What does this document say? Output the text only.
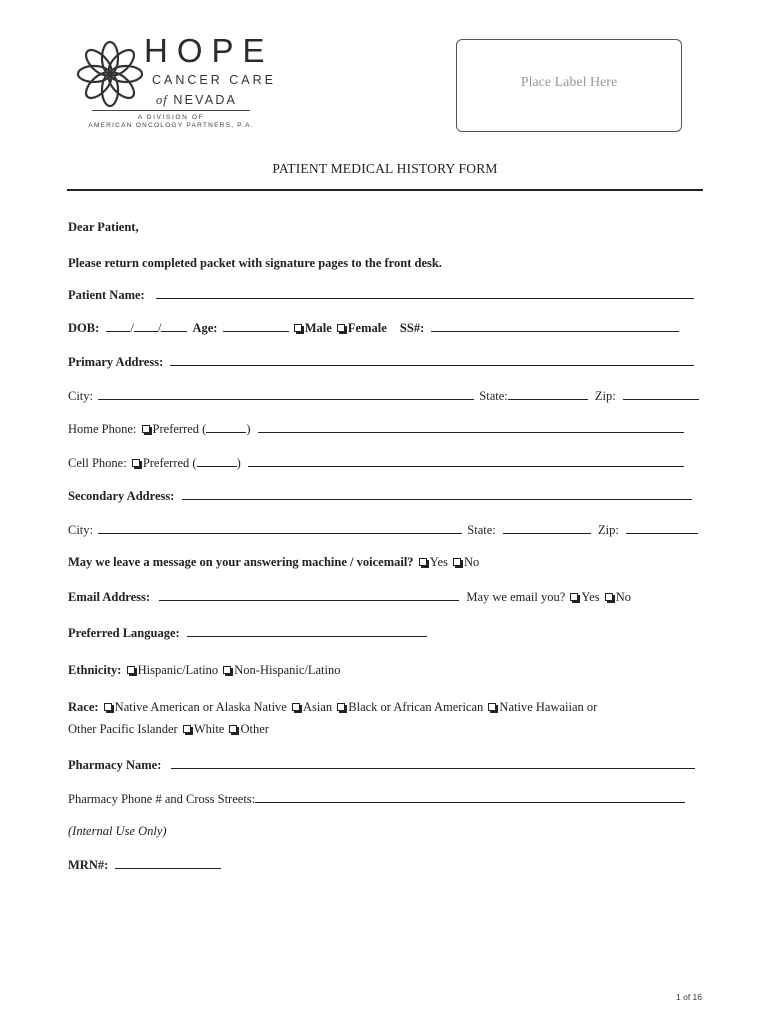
HOPE
CANCER CARE
of NEVADA
A DIVISION OF
AMERICAN ONCOLOGY PARTNERS, P.A.
Place Label Here
PATIENT MEDICAL HISTORY FORM
Dear Patient,
Please return completed packet with signature pages to the front desk.
Patient Name:
DOB: / / Age:	Male Female SS#:
Primary Address:
City:	State:	Zip:
Home Phone: Preferred (	)
Cell Phone: Preferred (	)
Secondary Address:
City:	State:	Zip:
May we leave a message on your answering machine / voicemail? Yes No
Email Address:	May we email you? Yes No
Preferred Language:
Ethnicity: Hispanic/Latino Non-Hispanic/Latino
Race: Native American or Alaska Native Asian Black or African American Native Hawaiian or
Other Pacific Islander White Other
Pharmacy Name:
Pharmacy Phone # and Cross Streets:
(Internal Use Only)
MRN#:
1 of 16
